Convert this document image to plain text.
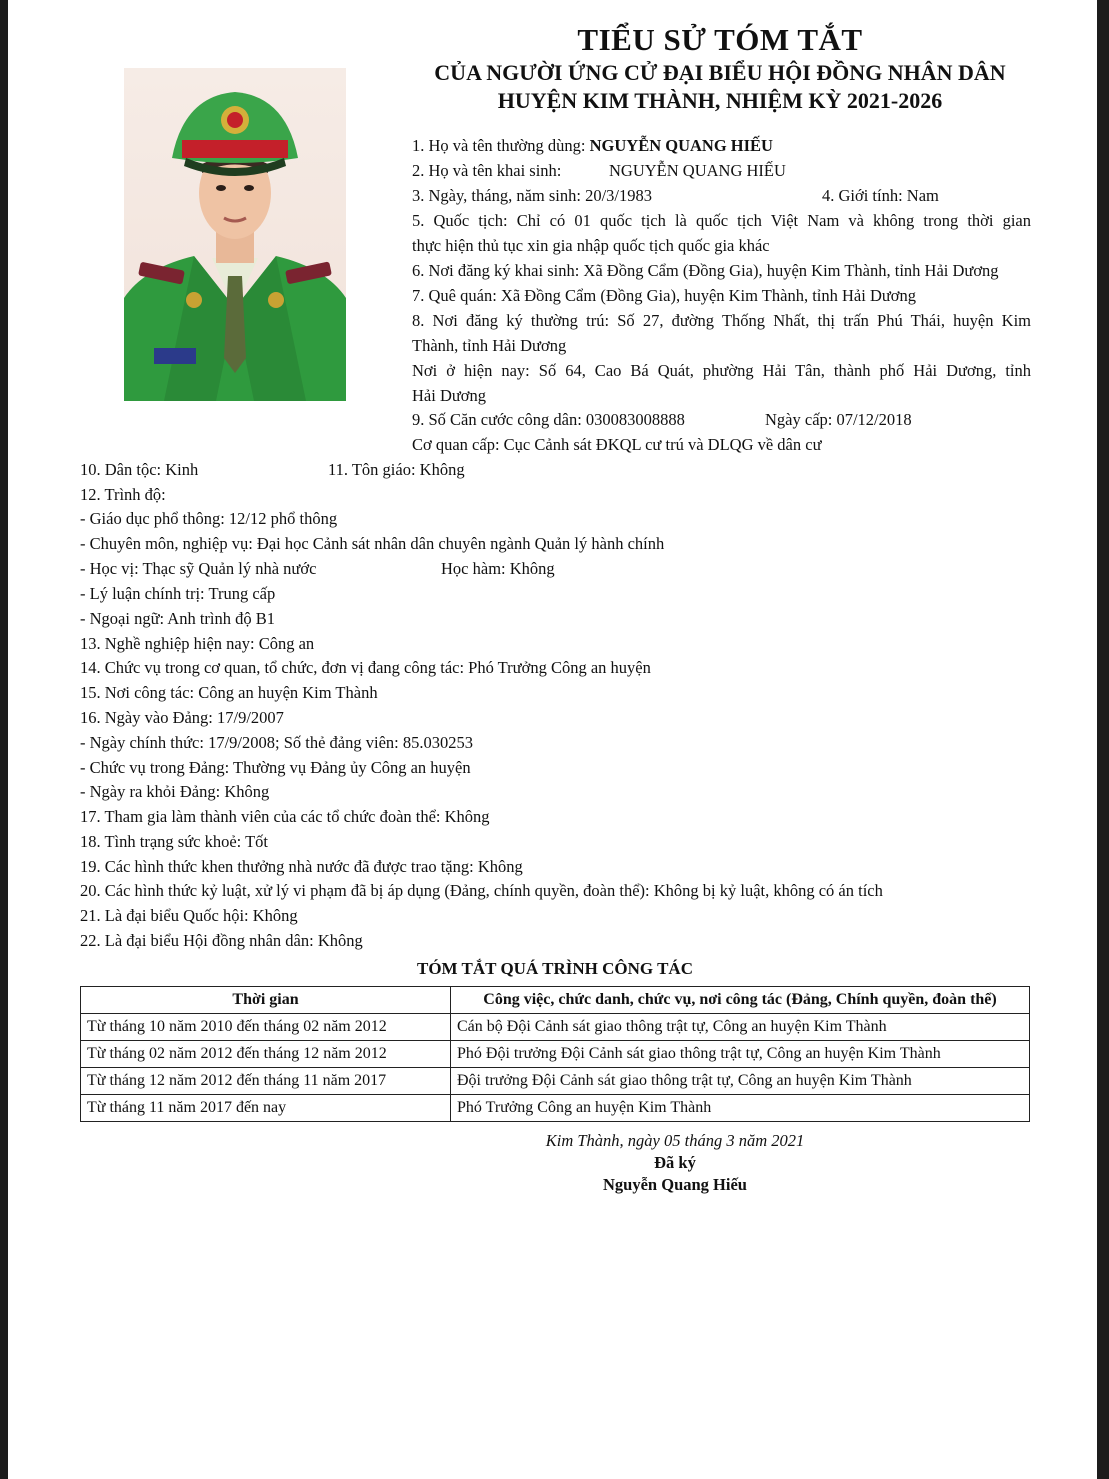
TIỂU SỬ TÓM TẮT
CỦA NGƯỜI ỨNG CỬ ĐẠI BIỂU HỘI ĐỒNG NHÂN DÂN
HUYỆN KIM THÀNH, NHIỆM KỲ 2021-2026
1. Họ và tên thường dùng: NGUYỄN QUANG HIẾU
2. Họ và tên khai sinh:	NGUYỄN QUANG HIẾU
3. Ngày, tháng, năm sinh: 20/3/1983	4. Giới tính: Nam
5. Quốc tịch: Chỉ có 01 quốc tịch là quốc tịch Việt Nam và không trong thời gian
thực hiện thủ tục xin gia nhập quốc tịch quốc gia khác
6. Nơi đăng ký khai sinh: Xã Đồng Cẩm (Đồng Gia), huyện Kim Thành, tỉnh Hải Dương
7. Quê quán: Xã Đồng Cẩm (Đồng Gia), huyện Kim Thành, tỉnh Hải Dương
8. Nơi đăng ký thường trú: Số 27, đường Thống Nhất, thị trấn Phú Thái, huyện Kim
Thành, tỉnh Hải Dương
Nơi ở hiện nay: Số 64, Cao Bá Quát, phường Hải Tân, thành phố Hải Dương, tỉnh
Hải Dương
9. Số Căn cước công dân: 030083008888	Ngày cấp: 07/12/2018
Cơ quan cấp: Cục Cảnh sát ĐKQL cư trú và DLQG về dân cư
10. Dân tộc: Kinh	11. Tôn giáo: Không
12. Trình độ:
- Giáo dục phổ thông: 12/12 phổ thông
- Chuyên môn, nghiệp vụ: Đại học Cảnh sát nhân dân chuyên ngành Quản lý hành chính
- Học vị: Thạc sỹ Quản lý nhà nước	Học hàm: Không
- Lý luận chính trị: Trung cấp
- Ngoại ngữ: Anh trình độ B1
13. Nghề nghiệp hiện nay: Công an
14. Chức vụ trong cơ quan, tổ chức, đơn vị đang công tác: Phó Trưởng Công an huyện
15. Nơi công tác: Công an huyện Kim Thành
16. Ngày vào Đảng: 17/9/2007
- Ngày chính thức: 17/9/2008; Số thẻ đảng viên: 85.030253
- Chức vụ trong Đảng: Thường vụ Đảng ủy Công an huyện
- Ngày ra khỏi Đảng: Không
17. Tham gia làm thành viên của các tổ chức đoàn thể: Không
18. Tình trạng sức khoẻ: Tốt
19. Các hình thức khen thưởng nhà nước đã được trao tặng: Không
20. Các hình thức kỷ luật, xử lý vi phạm đã bị áp dụng (Đảng, chính quyền, đoàn thể): Không bị kỷ luật, không có án tích
21. Là đại biểu Quốc hội: Không
22. Là đại biểu Hội đồng nhân dân: Không
TÓM TẮT QUÁ TRÌNH CÔNG TÁC
Thời gian	Công việc, chức danh, chức vụ, nơi công tác (Đảng, Chính quyền, đoàn thể)
Từ tháng 10 năm 2010 đến tháng 02 năm 2012	Cán bộ Đội Cảnh sát giao thông trật tự, Công an huyện Kim Thành
Từ tháng 02 năm 2012 đến tháng 12 năm 2012	Phó Đội trưởng Đội Cảnh sát giao thông trật tự, Công an huyện Kim Thành
Từ tháng 12 năm 2012 đến tháng 11 năm 2017	Đội trưởng Đội Cảnh sát giao thông trật tự, Công an huyện Kim Thành
Từ tháng 11 năm 2017 đến nay	Phó Trưởng Công an huyện Kim Thành
Kim Thành, ngày 05 tháng 3 năm 2021
Đã ký
Nguyễn Quang Hiếu
